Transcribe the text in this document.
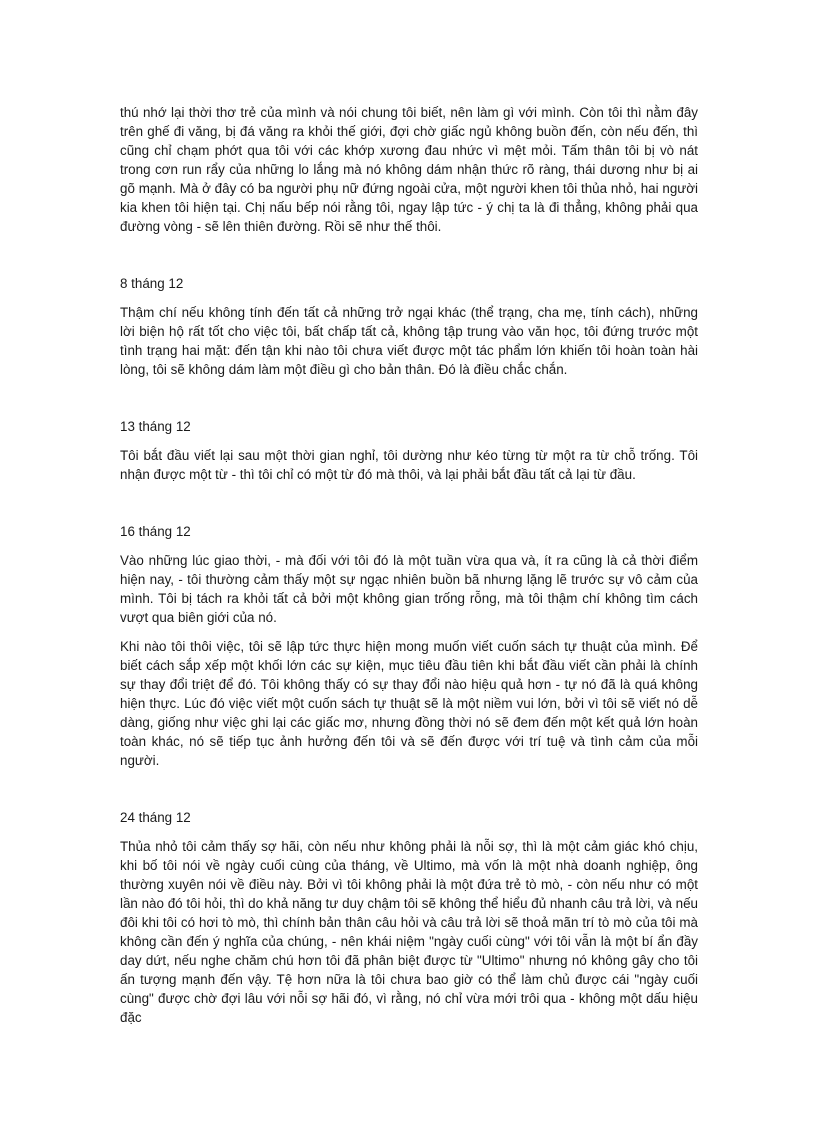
thú nhớ lại thời thơ trẻ của mình và nói chung tôi biết, nên làm gì với mình. Còn tôi thì nằm đây trên ghế đi văng, bị đá văng ra khỏi thế giới, đợi chờ giấc ngủ không buồn đến, còn nếu đến, thì cũng chỉ chạm phớt qua tôi với các khớp xương đau nhức vì mệt mỏi. Tấm thân tôi bị vò nát trong cơn run rẩy của những lo lắng mà nó không dám nhận thức rõ ràng, thái dương như bị ai gõ mạnh. Mà ở đây có ba người phụ nữ đứng ngoài cửa, một người khen tôi thủa nhỏ, hai người kia khen tôi hiện tại. Chị nấu bếp nói rằng tôi, ngay lập tức - ý chị ta là đi thẳng, không phải qua đường vòng - sẽ lên thiên đường. Rồi sẽ như thế thôi.

8 tháng 12

Thậm chí nếu không tính đến tất cả những trở ngại khác (thể trạng, cha mẹ, tính cách), những lời biện hộ rất tốt cho việc tôi, bất chấp tất cả, không tập trung vào văn học, tôi đứng trước một tình trạng hai mặt: đến tận khi nào tôi chưa viết được một tác phẩm lớn khiến tôi hoàn toàn hài lòng, tôi sẽ không dám làm một điều gì cho bản thân. Đó là điều chắc chắn.

13 tháng 12

Tôi bắt đầu viết lại sau một thời gian nghỉ, tôi dường như kéo từng từ một ra từ chỗ trống. Tôi nhận được một từ - thì tôi chỉ có một từ đó mà thôi, và lại phải bắt đầu tất cả lại từ đầu.

16 tháng 12

Vào những lúc giao thời, - mà đối với tôi đó là một tuần vừa qua và, ít ra cũng là cả thời điểm hiện nay, - tôi thường cảm thấy một sự ngạc nhiên buồn bã nhưng lặng lẽ trước sự vô cảm của mình. Tôi bị tách ra khỏi tất cả bởi một không gian trống rỗng, mà tôi thậm chí không tìm cách vượt qua biên giới của nó.

Khi nào tôi thôi việc, tôi sẽ lập tức thực hiện mong muốn viết cuốn sách tự thuật của mình. Để biết cách sắp xếp một khối lớn các sự kiện, mục tiêu đầu tiên khi bắt đầu viết cần phải là chính sự thay đổi triệt để đó. Tôi không thấy có sự thay đổi nào hiệu quả hơn - tự nó đã là quá không hiện thực. Lúc đó việc viết một cuốn sách tự thuật sẽ là một niềm vui lớn, bởi vì tôi sẽ viết nó dễ dàng, giống như việc ghi lại các giấc mơ, nhưng đồng thời nó sẽ đem đến một kết quả lớn hoàn toàn khác, nó sẽ tiếp tục ảnh hưởng đến tôi và sẽ đến được với trí tuệ và tình cảm của mỗi người.

24 tháng 12

Thủa nhỏ tôi cảm thấy sợ hãi, còn nếu như không phải là nỗi sợ, thì là một cảm giác khó chịu, khi bố tôi nói về ngày cuối cùng của tháng, về Ultimo, mà vốn là một nhà doanh nghiệp, ông thường xuyên nói về điều này. Bởi vì tôi không phải là một đứa trẻ tò mò, - còn nếu như có một lần nào đó tôi hỏi, thì do khả năng tư duy chậm tôi sẽ không thể hiểu đủ nhanh câu trả lời, và nếu đôi khi tôi có hơi tò mò, thì chính bản thân câu hỏi và câu trả lời sẽ thoả mãn trí tò mò của tôi mà không cần đến ý nghĩa của chúng, - nên khái niệm "ngày cuối cùng" với tôi vẫn là một bí ẩn đầy day dứt, nếu nghe chăm chú hơn tôi đã phân biệt được từ "Ultimo" nhưng nó không gây cho tôi ấn tượng mạnh đến vậy. Tệ hơn nữa là tôi chưa bao giờ có thể làm chủ được cái "ngày cuối cùng" được chờ đợi lâu với nỗi sợ hãi đó, vì rằng, nó chỉ vừa mới trôi qua - không một dấu hiệu đặc
